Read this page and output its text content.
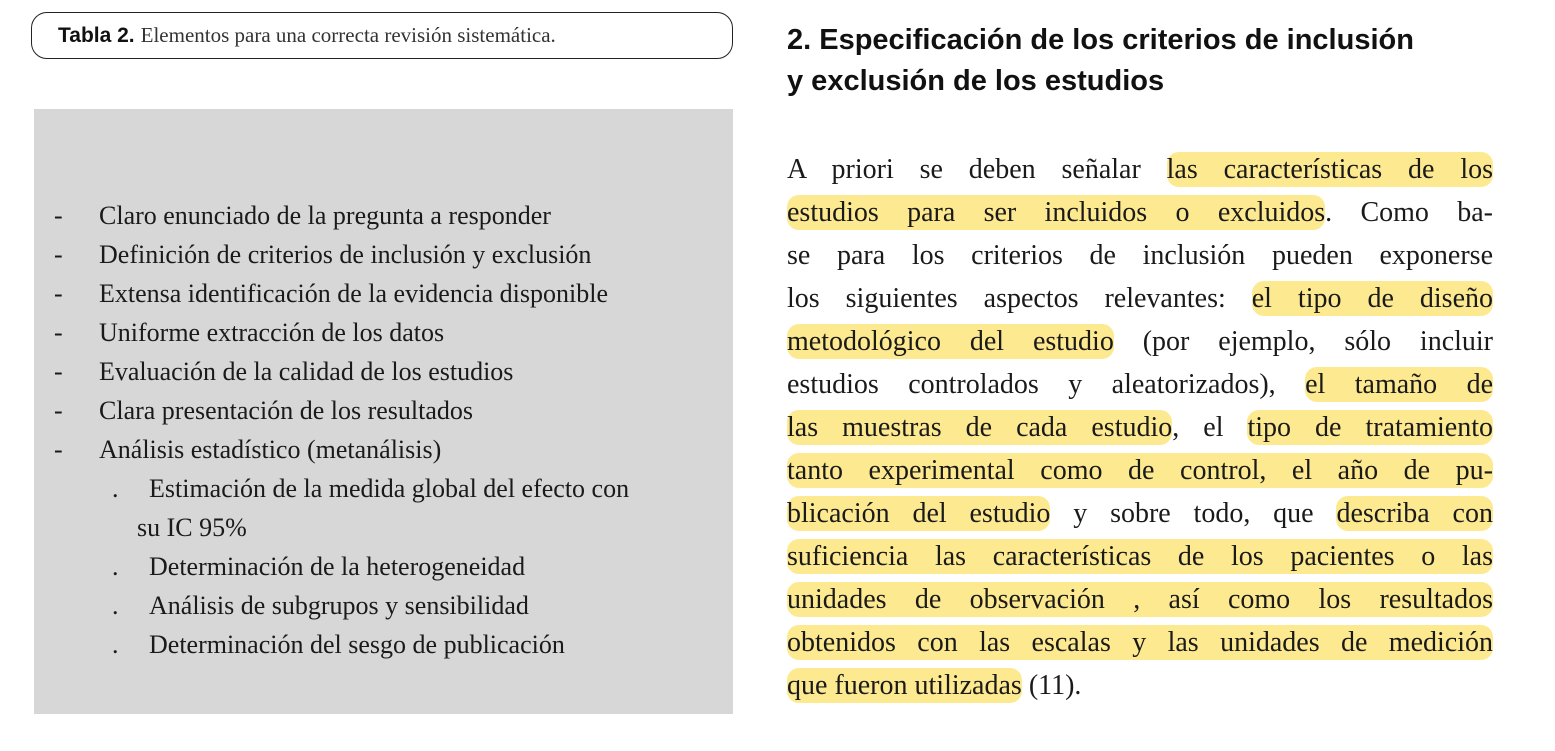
Tabla 2. Elementos para una correcta revisión sistemática.
- Claro enunciado de la pregunta a responder
- Definición de criterios de inclusión y exclusión
- Extensa identificación de la evidencia disponible
- Uniforme extracción de los datos
- Evaluación de la calidad de los estudios
- Clara presentación de los resultados
- Análisis estadístico (metanálisis)
. Estimación de la medida global del efecto con
su IC 95%
. Determinación de la heterogeneidad
. Análisis de subgrupos y sensibilidad
. Determinación del sesgo de publicación
2. Especificación de los criterios de inclusión
y exclusión de los estudios
A priori se deben señalar las características de los
estudios para ser incluidos o excluidos. Como ba-
se para los criterios de inclusión pueden exponerse
los siguientes aspectos relevantes: el tipo de diseño
metodológico del estudio (por ejemplo, sólo incluir
estudios controlados y aleatorizados), el tamaño de
las muestras de cada estudio, el tipo de tratamiento
tanto experimental como de control, el año de pu-
blicación del estudio y sobre todo, que describa con
suficiencia las características de los pacientes o las
unidades de observación , así como los resultados
obtenidos con las escalas y las unidades de medición
que fueron utilizadas (11).
